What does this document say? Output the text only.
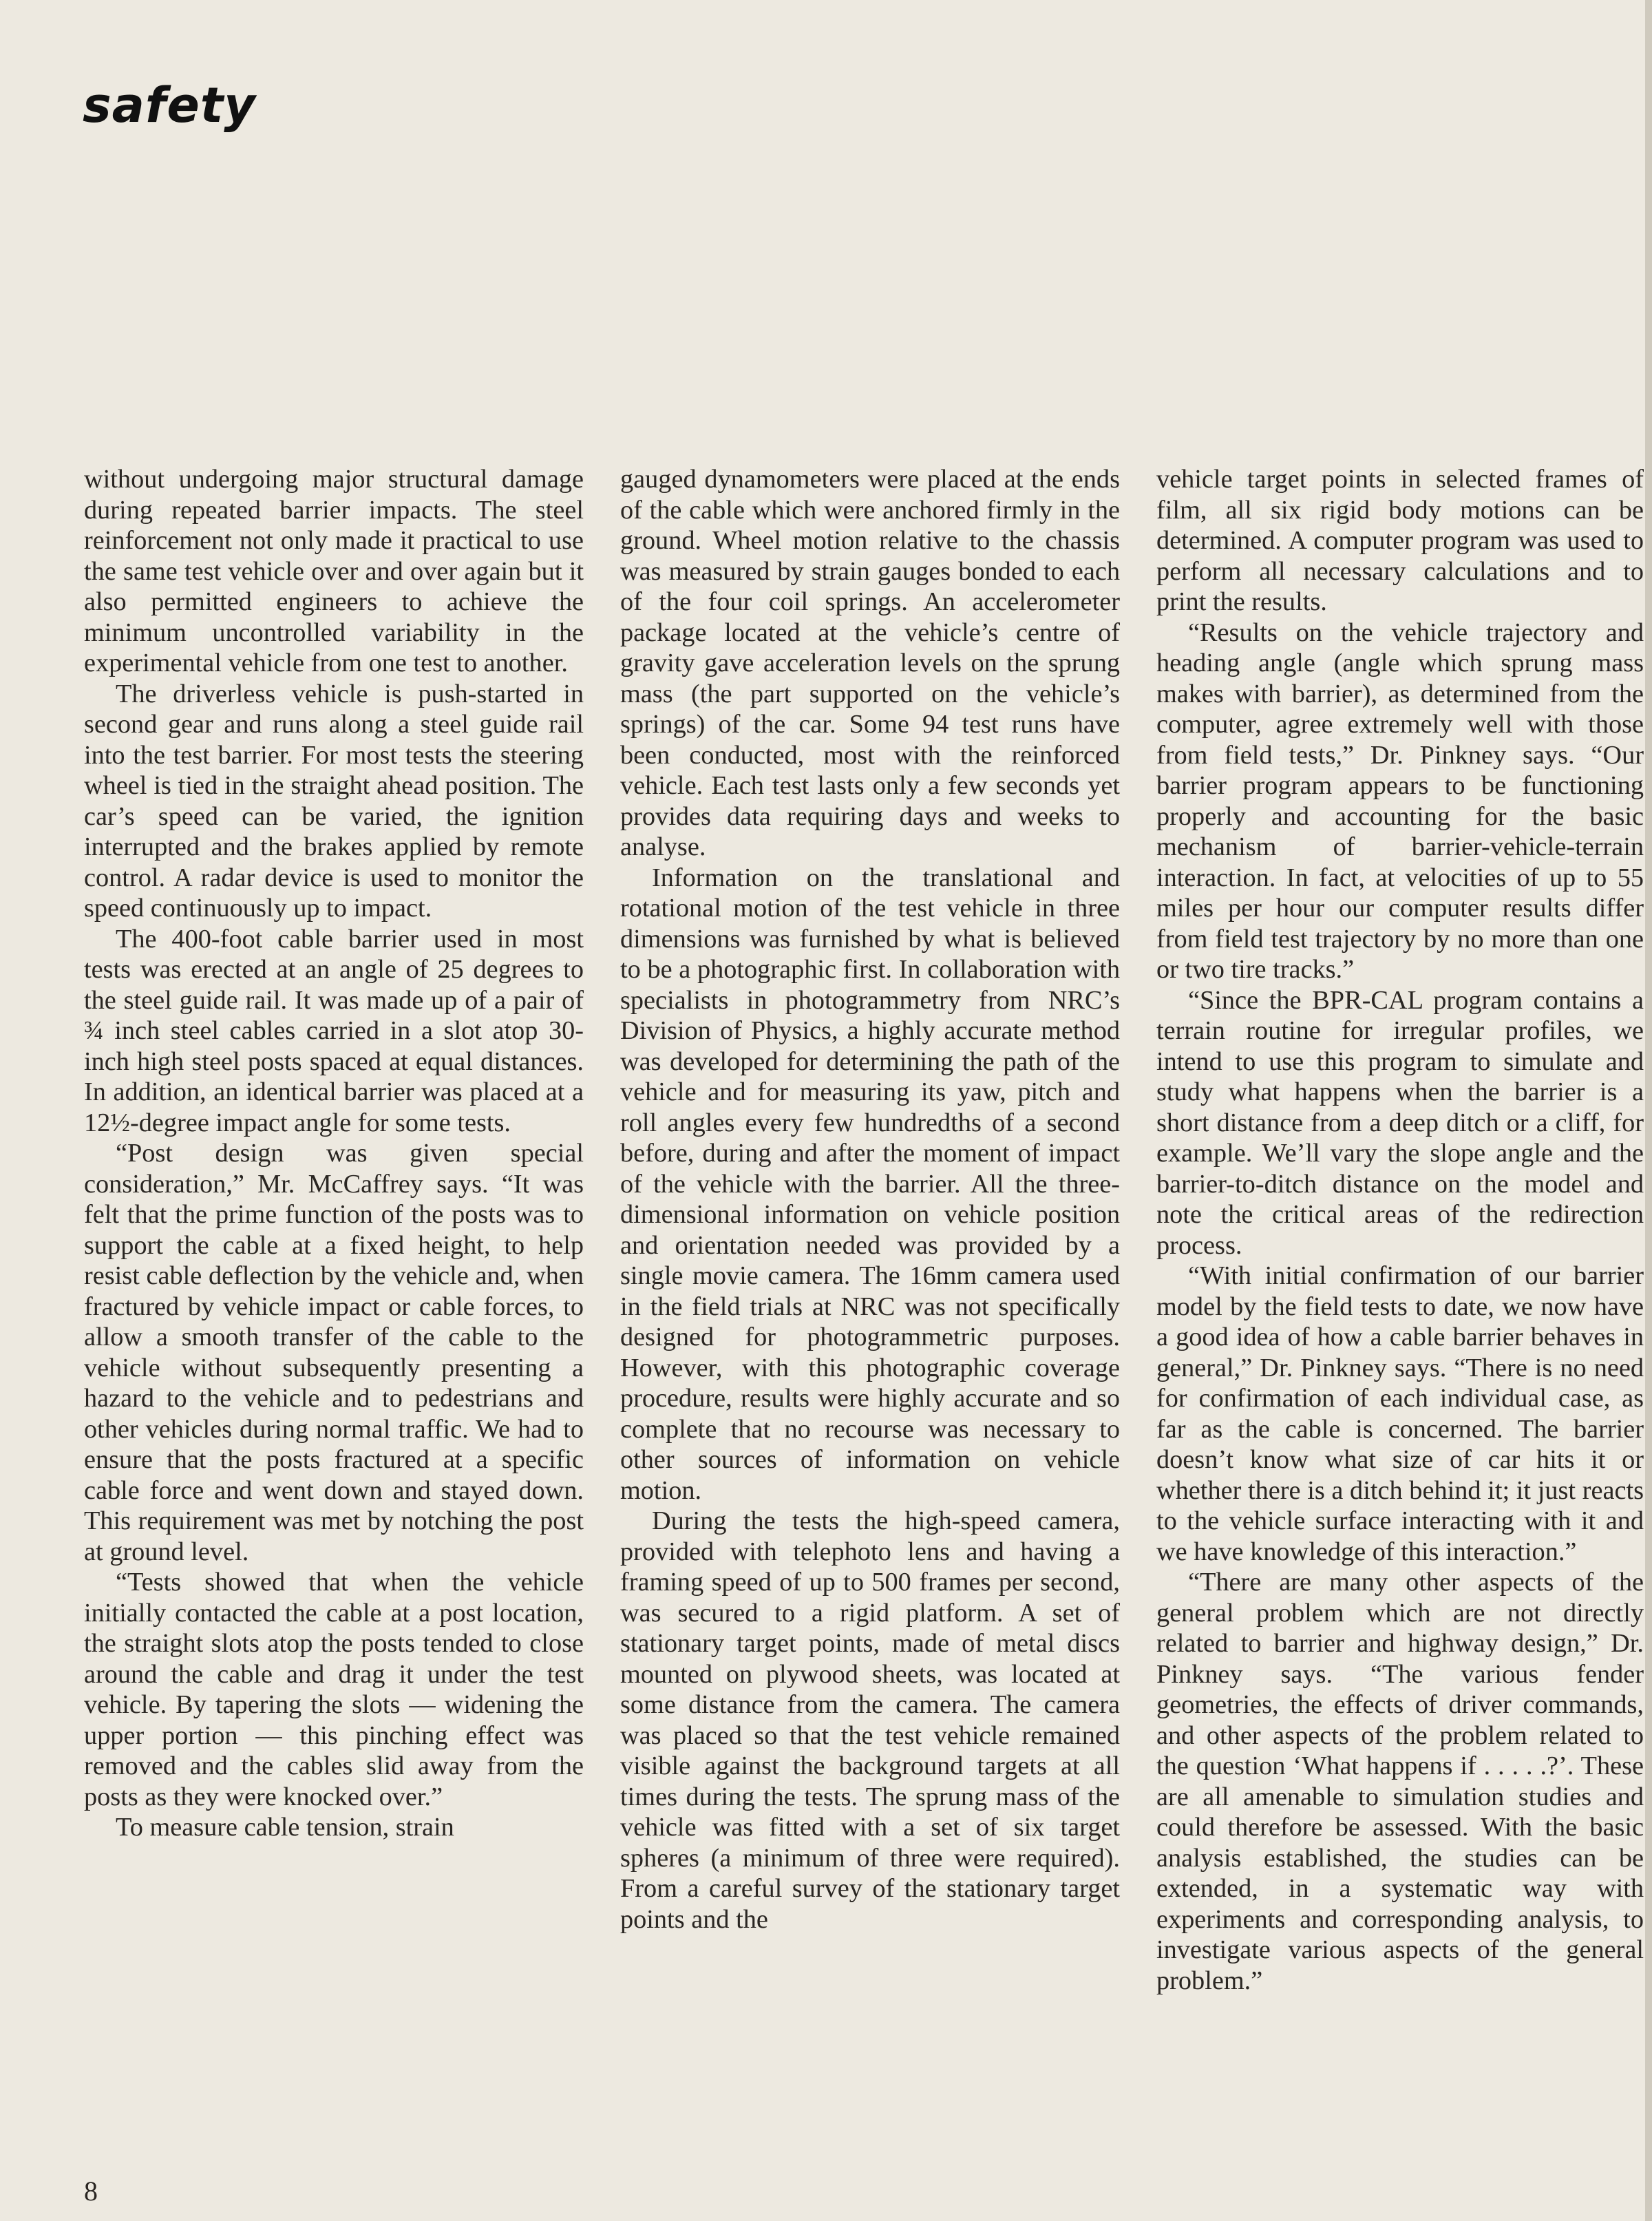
safety

without undergoing major structural damage during repeated barrier impacts. The steel reinforcement not only made it practical to use the same test vehicle over and over again but it also permitted engineers to achieve the minimum uncontrolled variability in the experimental vehicle from one test to another.

The driverless vehicle is push-started in second gear and runs along a steel guide rail into the test barrier. For most tests the steering wheel is tied in the straight ahead position. The car’s speed can be varied, the ignition interrupted and the brakes applied by remote control. A radar device is used to monitor the speed continuously up to impact.

The 400-foot cable barrier used in most tests was erected at an angle of 25 degrees to the steel guide rail. It was made up of a pair of ¾ inch steel cables carried in a slot atop 30-inch high steel posts spaced at equal distances. In addition, an identical barrier was placed at a 12½-degree impact angle for some tests.

“Post design was given special consideration,” Mr. McCaffrey says. “It was felt that the prime function of the posts was to support the cable at a fixed height, to help resist cable deflection by the vehicle and, when fractured by vehicle impact or cable forces, to allow a smooth transfer of the cable to the vehicle without subsequently presenting a hazard to the vehicle and to pedestrians and other vehicles during normal traffic. We had to ensure that the posts fractured at a specific cable force and went down and stayed down. This requirement was met by notching the post at ground level.

“Tests showed that when the vehicle initially contacted the cable at a post location, the straight slots atop the posts tended to close around the cable and drag it under the test vehicle. By tapering the slots — widening the upper portion — this pinching effect was removed and the cables slid away from the posts as they were knocked over.”

To measure cable tension, strain

gauged dynamometers were placed at the ends of the cable which were anchored firmly in the ground. Wheel motion relative to the chassis was measured by strain gauges bonded to each of the four coil springs. An accelerometer package located at the vehicle’s centre of gravity gave acceleration levels on the sprung mass (the part supported on the vehicle’s springs) of the car. Some 94 test runs have been conducted, most with the reinforced vehicle. Each test lasts only a few seconds yet provides data requiring days and weeks to analyse.

Information on the translational and rotational motion of the test vehicle in three dimensions was furnished by what is believed to be a photographic first. In collaboration with specialists in photogrammetry from NRC’s Division of Physics, a highly accurate method was developed for determining the path of the vehicle and for measuring its yaw, pitch and roll angles every few hundredths of a second before, during and after the moment of impact of the vehicle with the barrier. All the three-dimensional information on vehicle position and orientation needed was provided by a single movie camera. The 16mm camera used in the field trials at NRC was not specifically designed for photogrammetric purposes. However, with this photographic coverage procedure, results were highly accurate and so complete that no recourse was necessary to other sources of information on vehicle motion.

During the tests the high-speed camera, provided with telephoto lens and having a framing speed of up to 500 frames per second, was secured to a rigid platform. A set of stationary target points, made of metal discs mounted on plywood sheets, was located at some distance from the camera. The camera was placed so that the test vehicle remained visible against the background targets at all times during the tests. The sprung mass of the vehicle was fitted with a set of six target spheres (a minimum of three were required). From a careful survey of the stationary target points and the

vehicle target points in selected frames of film, all six rigid body motions can be determined. A computer program was used to perform all necessary calculations and to print the results.

“Results on the vehicle trajectory and heading angle (angle which sprung mass makes with barrier), as determined from the computer, agree extremely well with those from field tests,” Dr. Pinkney says. “Our barrier program appears to be functioning properly and accounting for the basic mechanism of barrier-vehicle-terrain interaction. In fact, at velocities of up to 55 miles per hour our computer results differ from field test trajectory by no more than one or two tire tracks.”

“Since the BPR-CAL program contains a terrain routine for irregular profiles, we intend to use this program to simulate and study what happens when the barrier is a short distance from a deep ditch or a cliff, for example. We’ll vary the slope angle and the barrier-to-ditch distance on the model and note the critical areas of the redirection process.

“With initial confirmation of our barrier model by the field tests to date, we now have a good idea of how a cable barrier behaves in general,” Dr. Pinkney says. “There is no need for confirmation of each individual case, as far as the cable is concerned. The barrier doesn’t know what size of car hits it or whether there is a ditch behind it; it just reacts to the vehicle surface interacting with it and we have knowledge of this interaction.”

“There are many other aspects of the general problem which are not directly related to barrier and highway design,” Dr. Pinkney says. “The various fender geometries, the effects of driver commands, and other aspects of the problem related to the question ‘What happens if . . . . .?’. These are all amenable to simulation studies and could therefore be assessed. With the basic analysis established, the studies can be extended, in a systematic way with experiments and corresponding analysis, to investigate various aspects of the general problem.”

8
